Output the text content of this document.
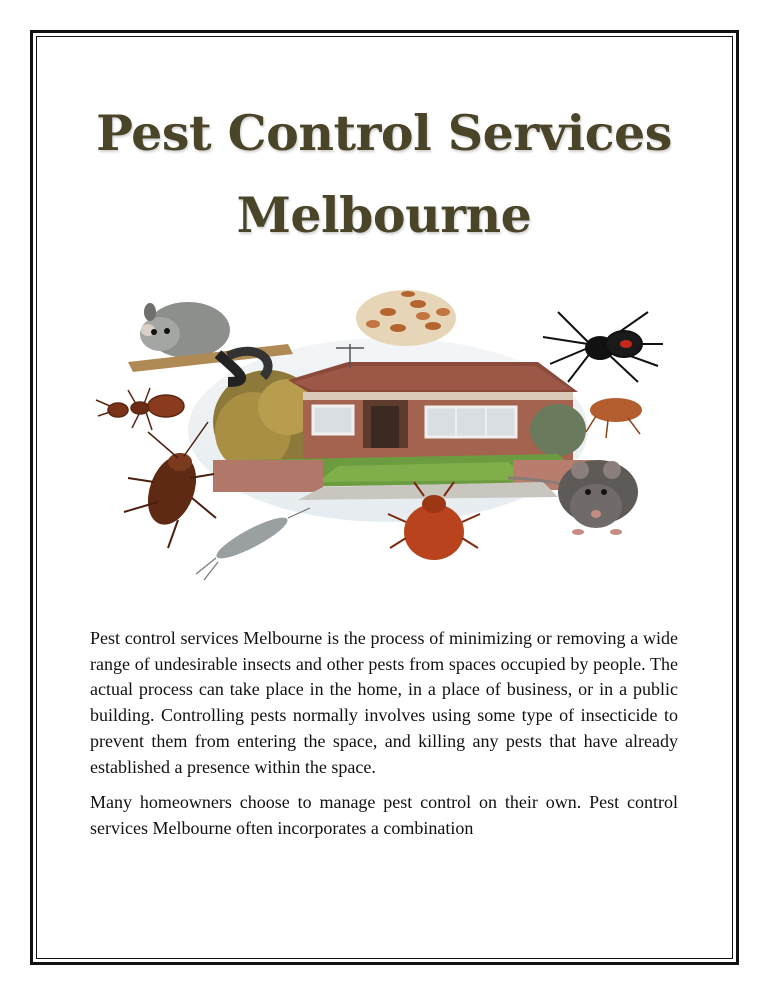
Pest Control Services
Melbourne

Pest control services Melbourne is the process of minimizing or removing a wide range of undesirable insects and other pests from spaces occupied by people. The actual process can take place in the home, in a place of business, or in a public building. Controlling pests normally involves using some type of insecticide to prevent them from entering the space, and killing any pests that have already established a presence within the space.

Many homeowners choose to manage pest control on their own. Pest control services Melbourne often incorporates a combination
